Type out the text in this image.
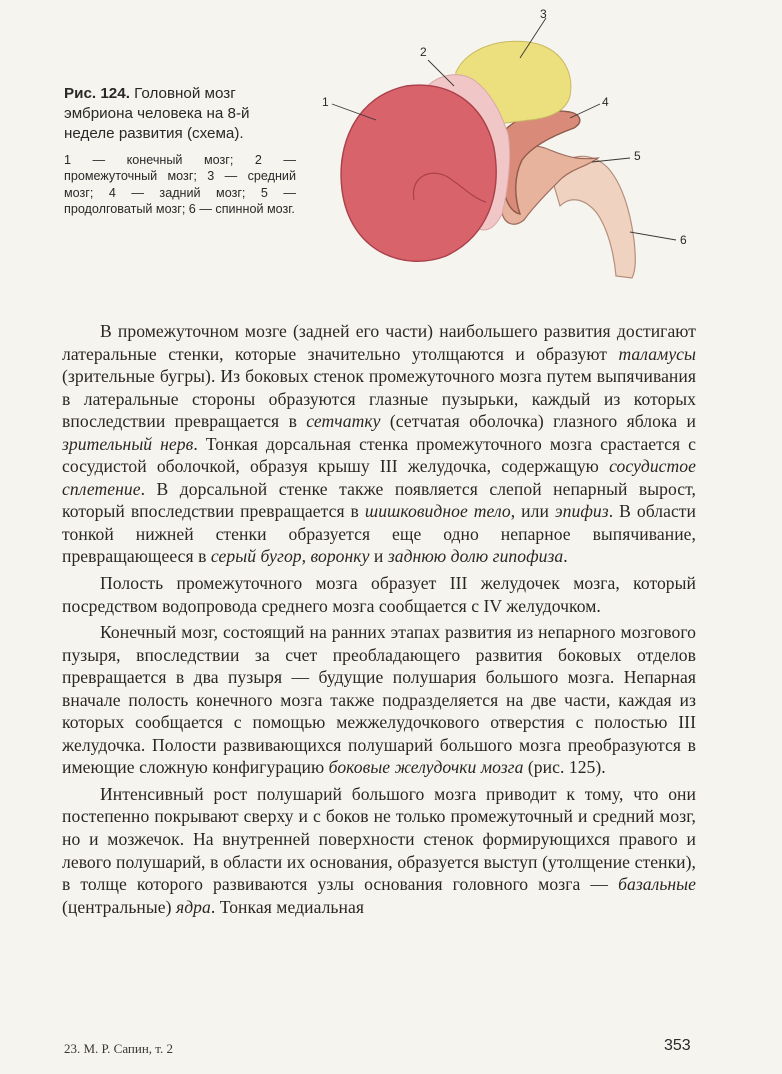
Рис. 124. Головной мозг эмбриона человека на 8-й неделе развития (схема).

1 — конечный мозг; 2 — промежуточный мозг; 3 — средний мозг; 4 — задний мозг; 5 — продолговатый мозг; 6 — спинной мозг.

1
2
3
4
5
6

В промежуточном мозге (задней его части) наибольшего развития достигают латеральные стенки, которые значительно утолщаются и образуют таламусы (зрительные бугры). Из боковых стенок промежуточного мозга путем выпячивания в латеральные стороны образуются глазные пузырьки, каждый из которых впоследствии превращается в сетчатку (сетчатая оболочка) глазного яблока и зрительный нерв. Тонкая дорсальная стенка промежуточного мозга срастается с сосудистой оболочкой, образуя крышу III желудочка, содержащую сосудистое сплетение. В дорсальной стенке также появляется слепой непарный вырост, который впоследствии превращается в шишковидное тело, или эпифиз. В области тонкой нижней стенки образуется еще одно непарное выпячивание, превращающееся в серый бугор, воронку и заднюю долю гипофиза.

Полость промежуточного мозга образует III желудочек мозга, который посредством водопровода среднего мозга сообщается с IV желудочком.

Конечный мозг, состоящий на ранних этапах развития из непарного мозгового пузыря, впоследствии за счет преобладающего развития боковых отделов превращается в два пузыря — будущие полушария большого мозга. Непарная вначале полость конечного мозга также подразделяется на две части, каждая из которых сообщается с помощью межжелудочкового отверстия с полостью III желудочка. Полости развивающихся полушарий большого мозга преобразуются в имеющие сложную конфигурацию боковые желудочки мозга (рис. 125).

Интенсивный рост полушарий большого мозга приводит к тому, что они постепенно покрывают сверху и с боков не только промежуточный и средний мозг, но и мозжечок. На внутренней поверхности стенок формирующихся правого и левого полушарий, в области их основания, образуется выступ (утолщение стенки), в толще которого развиваются узлы основания головного мозга — базальные (центральные) ядра. Тонкая медиальная

23. М. Р. Сапин, т. 2	353
